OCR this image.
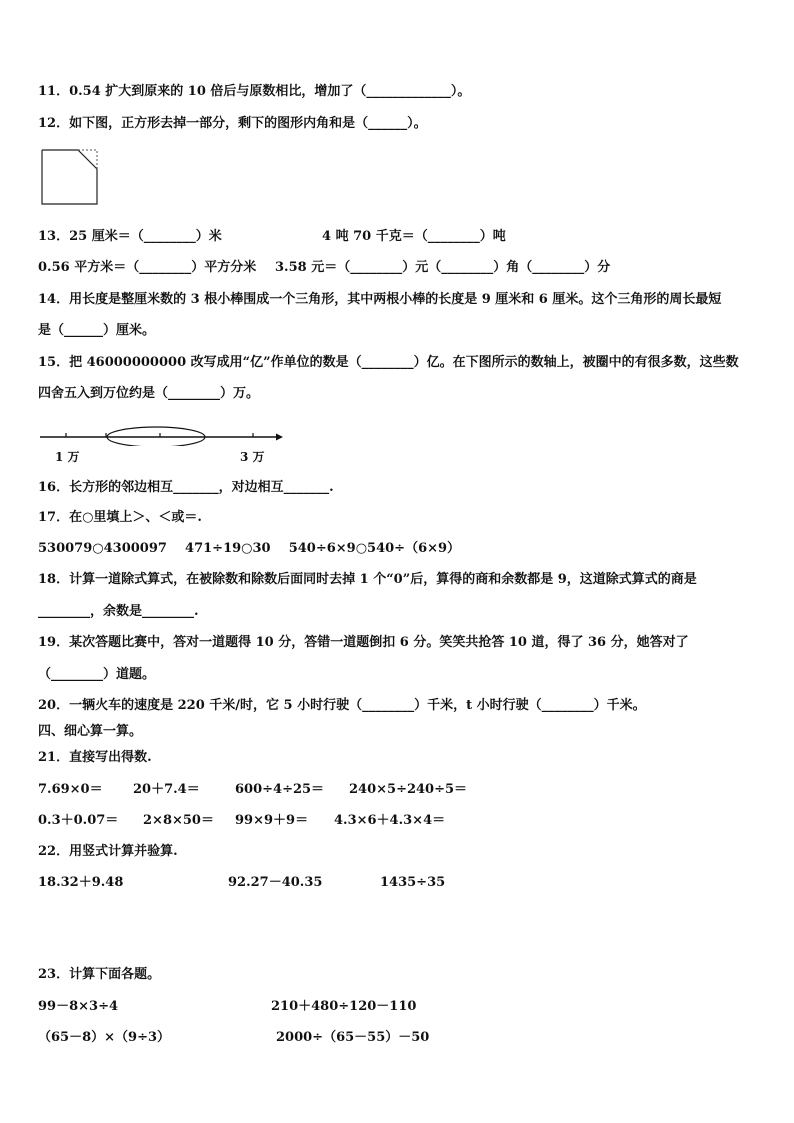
11．0.54 扩大到原来的 10 倍后与原数相比，增加了（_____________）。
12．如下图，正方形去掉一部分，剩下的图形内角和是（______）。
13．25 厘米＝（________）米	4 吨 70 千克＝（________）吨
0.56 平方米＝（________）平方分米 3.58 元＝（________）元（________）角（________）分
14．用长度是整厘米数的 3 根小棒围成一个三角形，其中两根小棒的长度是 9 厘米和 6 厘米。这个三角形的周长最短
是（______）厘米。
15．把 46000000000 改写成用“亿”作单位的数是（________）亿。在下图所示的数轴上，被圈中的有很多数，这些数
四舍五入到万位约是（________）万。
1 万	3 万
16．长方形的邻边相互_______，对边相互_______.
17．在○里填上＞、＜或＝.
530079○4300097    471÷19○30    540÷6×9○540÷（6×9）
18．计算一道除式算式，在被除数和除数后面同时去掉 1 个“0”后，算得的商和余数都是 9，这道除式算式的商是
________，余数是________.
19．某次答题比赛中，答对一道题得 10 分，答错一道题倒扣 6 分。笑笑共抢答 10 道，得了 36 分，她答对了
（________）道题。
20．一辆火车的速度是 220 千米/时，它 5 小时行驶（________）千米，t 小时行驶（________）千米。
四、细心算一算。
21．直接写出得数.
7.69×0＝ 20＋7.4＝	600÷4÷25＝ 240×5÷240÷5＝
0.3＋0.07＝ 2×8×50＝ 99×9＋9＝ 4.3×6＋4.3×4＝
22．用竖式计算并验算.
18.32＋9.48	92.27－40.35	1435÷35
23．计算下面各题。
99－8×3÷4	210＋480÷120－110
（65－8）×（9÷3）	2000÷（65－55）－50
